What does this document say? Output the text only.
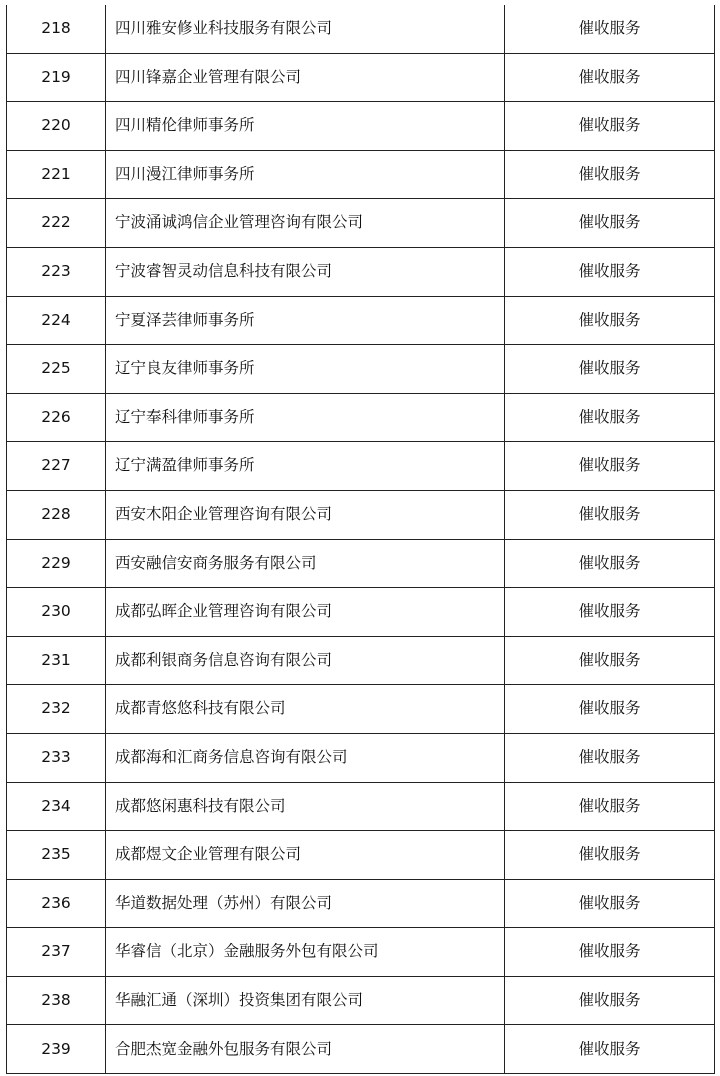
218	四川雅安修业科技服务有限公司	催收服务
219	四川锋嘉企业管理有限公司	催收服务
220	四川精伦律师事务所	催收服务
221	四川漫江律师事务所	催收服务
222	宁波涌诚鸿信企业管理咨询有限公司	催收服务
223	宁波睿智灵动信息科技有限公司	催收服务
224	宁夏泽芸律师事务所	催收服务
225	辽宁良友律师事务所	催收服务
226	辽宁奉科律师事务所	催收服务
227	辽宁满盈律师事务所	催收服务
228	西安木阳企业管理咨询有限公司	催收服务
229	西安融信安商务服务有限公司	催收服务
230	成都弘晖企业管理咨询有限公司	催收服务
231	成都利银商务信息咨询有限公司	催收服务
232	成都青悠悠科技有限公司	催收服务
233	成都海和汇商务信息咨询有限公司	催收服务
234	成都悠闲惠科技有限公司	催收服务
235	成都煜文企业管理有限公司	催收服务
236	华道数据处理（苏州）有限公司	催收服务
237	华睿信（北京）金融服务外包有限公司	催收服务
238	华融汇通（深圳）投资集团有限公司	催收服务
239	合肥杰宽金融外包服务有限公司	催收服务
